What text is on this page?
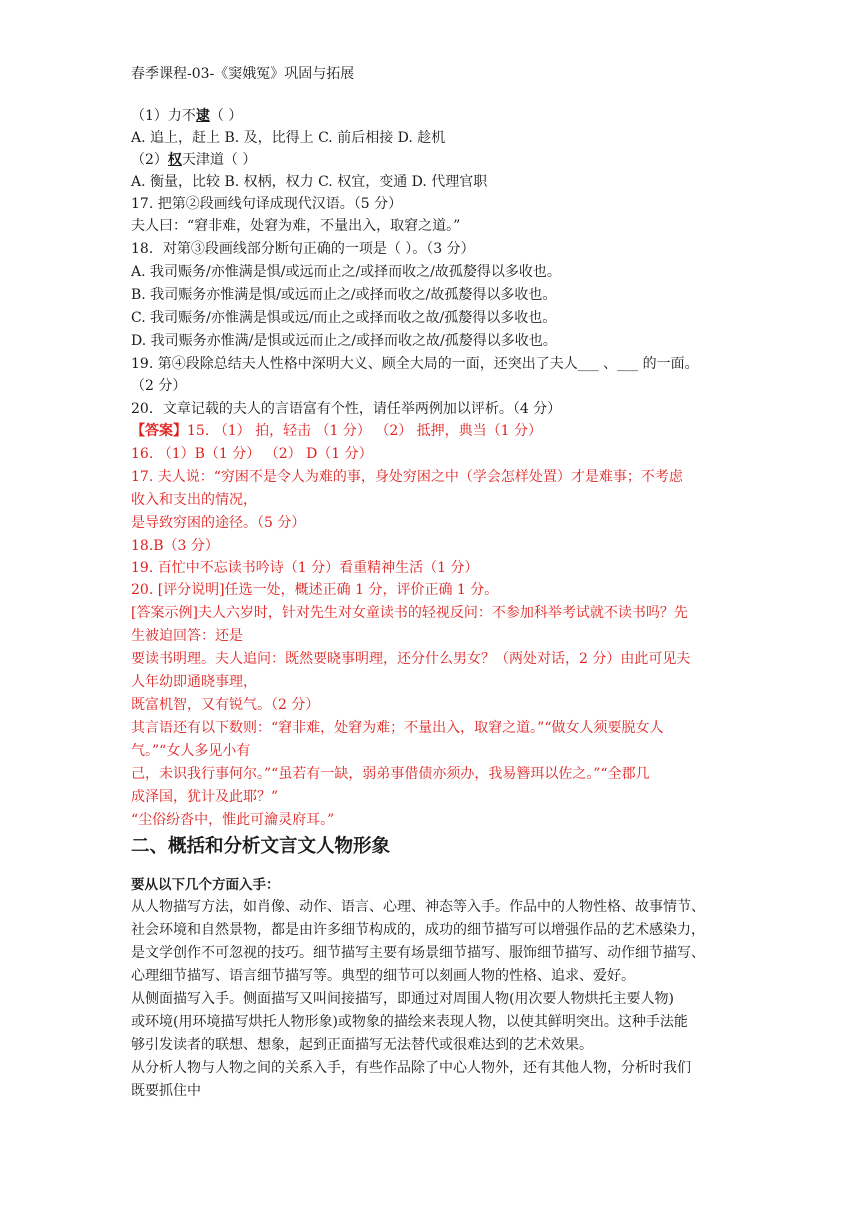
春季课程-03-《窦娥冤》巩固与拓展
（1）力不逮（ ）
A. 追上，赶上 B. 及，比得上 C. 前后相接 D. 趁机
（2）权天津道（ ）
A. 衡量，比较 B. 权柄，权力 C. 权宜，变通 D. 代理官职
17. 把第②段画线句译成现代汉语。（5 分）
夫人曰：“窘非难，处窘为难，不量出入，取窘之道。”
18．对第③段画线部分断句正确的一项是（ ）。（3 分）
A. 我司赈务/亦惟满是惧/或远而止之/或择而收之/故孤嫠得以多收也。
B. 我司赈务亦惟满是惧/或远而止之/或择而收之/故孤嫠得以多收也。
C. 我司赈务/亦惟满是惧或远/而止之或择而收之故/孤嫠得以多收也。
D. 我司赈务亦惟满/是惧或远而止之/或择而收之故/孤嫠得以多收也。
19. 第④段除总结夫人性格中深明大义、顾全大局的一面，还突出了夫人___ 、___ 的一面。
（2 分）
20．文章记载的夫人的言语富有个性，请任举两例加以评析。（4 分）
【答案】15. （1） 拍，轻击 （1 分） （2） 抵押，典当（1 分）
16. （1）B（1 分） （2） D（1 分）
17. 夫人说：“穷困不是令人为难的事，身处穷困之中（学会怎样处置）才是难事；不考虑
收入和支出的情况，
是导致穷困的途径。（5 分）
18.B（3 分）
19. 百忙中不忘读书吟诗（1 分）看重精神生活（1 分）
20. [评分说明]任选一处，概述正确 1 分，评价正确 1 分。
[答案示例]夫人六岁时，针对先生对女童读书的轻视反问：不参加科举考试就不读书吗？先
生被迫回答：还是
要读书明理。夫人追问：既然要晓事明理，还分什么男女？（两处对话，2 分）由此可见夫
人年幼即通晓事理，
既富机智，又有锐气。（2 分）
其言语还有以下数则：“窘非难，处窘为难；不量出入，取窘之道。”“做女人须要脱女人
气。”“女人多见小有
己，未识我行事何尔。”“虽若有一缺，弱弟事借债亦须办，我易簪珥以佐之。”“全郡几
成泽国，犹计及此耶？”
“尘俗纷沓中，惟此可瀹灵府耳。”
二、概括和分析文言文人物形象
要从以下几个方面入手：
从人物描写方法，如肖像、动作、语言、心理、神态等入手。作品中的人物性格、故事情节、
社会环境和自然景物，都是由许多细节构成的，成功的细节描写可以增强作品的艺术感染力，
是文学创作不可忽视的技巧。细节描写主要有场景细节描写、服饰细节描写、动作细节描写、
心理细节描写、语言细节描写等。典型的细节可以刻画人物的性格、追求、爱好。
从侧面描写入手。侧面描写又叫间接描写，即通过对周围人物(用次要人物烘托主要人物)
或环境(用环境描写烘托人物形象)或物象的描绘来表现人物，以使其鲜明突出。这种手法能
够引发读者的联想、想象，起到正面描写无法替代或很难达到的艺术效果。
从分析人物与人物之间的关系入手，有些作品除了中心人物外，还有其他人物，分析时我们
既要抓住中
